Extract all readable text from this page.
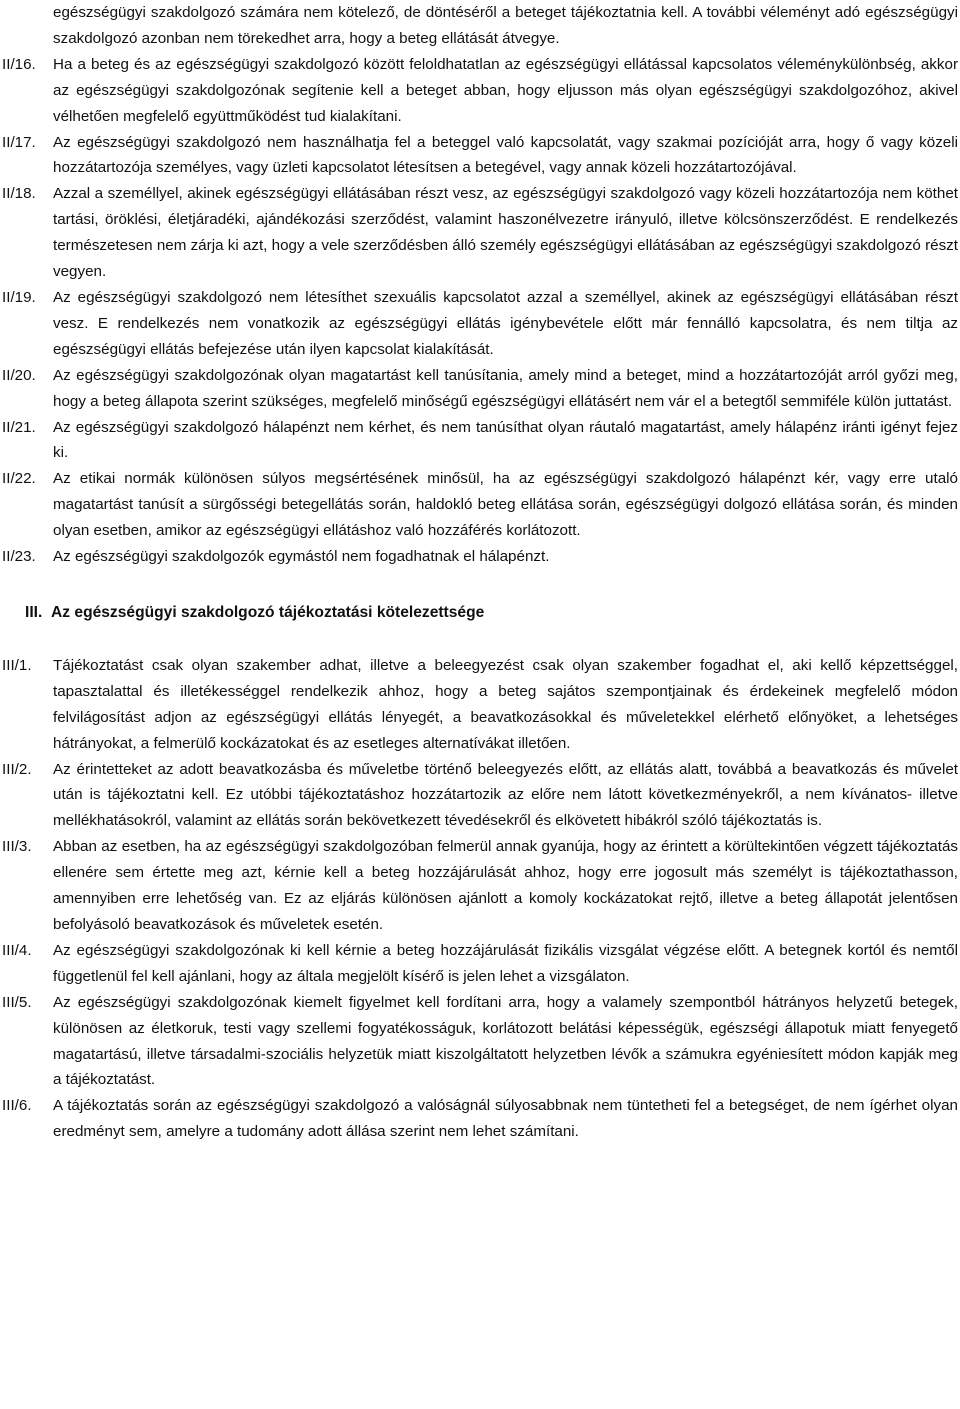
egészségügyi szakdolgozó számára nem kötelező, de döntéséről a beteget tájékoztatnia kell. A további véleményt adó egészségügyi szakdolgozó azonban nem törekedhet arra, hogy a beteg ellátását átvegye.
II/16.	Ha a beteg és az egészségügyi szakdolgozó között feloldhatatlan az egészségügyi ellátással kapcsolatos véleménykülönbség, akkor az egészségügyi szakdolgozónak segítenie kell a beteget abban, hogy eljusson más olyan egészségügyi szakdolgozóhoz, akivel vélhetően megfelelő együttműködést tud kialakítani.
II/17.	Az egészségügyi szakdolgozó nem használhatja fel a beteggel való kapcsolatát, vagy szakmai pozícióját arra, hogy ő vagy közeli hozzátartozója személyes, vagy üzleti kapcsolatot létesítsen a betegével, vagy annak közeli hozzátartozójával.
II/18.	Azzal a személlyel, akinek egészségügyi ellátásában részt vesz, az egészségügyi szakdolgozó vagy közeli hozzátartozója nem köthet tartási, öröklési, életjáradéki, ajándékozási szerződést, valamint haszonélvezetre irányuló, illetve kölcsönszerződést. E rendelkezés természetesen nem zárja ki azt, hogy a vele szerződésben álló személy egészségügyi ellátásában az egészségügyi szakdolgozó részt vegyen.
II/19.	Az egészségügyi szakdolgozó nem létesíthet szexuális kapcsolatot azzal a személlyel, akinek az egészségügyi ellátásában részt vesz. E rendelkezés nem vonatkozik az egészségügyi ellátás igénybevétele előtt már fennálló kapcsolatra, és nem tiltja az egészségügyi ellátás befejezése után ilyen kapcsolat kialakítását.
II/20.	Az egészségügyi szakdolgozónak olyan magatartást kell tanúsítania, amely mind a beteget, mind a hozzátartozóját arról győzi meg, hogy a beteg állapota szerint szükséges, megfelelő minőségű egészségügyi ellátásért nem vár el a betegtől semmiféle külön juttatást.
II/21.	Az egészségügyi szakdolgozó hálapénzt nem kérhet, és nem tanúsíthat olyan ráutaló magatartást, amely hálapénz iránti igényt fejez ki.
II/22.	Az etikai normák különösen súlyos megsértésének minősül, ha az egészségügyi szakdolgozó hálapénzt kér, vagy erre utaló magatartást tanúsít a sürgősségi betegellátás során, haldokló beteg ellátása során, egészségügyi dolgozó ellátása során, és minden olyan esetben, amikor az egészségügyi ellátáshoz való hozzáférés korlátozott.
II/23.	Az egészségügyi szakdolgozók egymástól nem fogadhatnak el hálapénzt.
III. Az egészségügyi szakdolgozó tájékoztatási kötelezettsége
III/1.	Tájékoztatást csak olyan szakember adhat, illetve a beleegyezést csak olyan szakember fogadhat el, aki kellő képzettséggel, tapasztalattal és illetékességgel rendelkezik ahhoz, hogy a beteg sajátos szempontjainak és érdekeinek megfelelő módon felvilágosítást adjon az egészségügyi ellátás lényegét, a beavatkozásokkal és műveletekkel elérhető előnyöket, a lehetséges hátrányokat, a felmerülő kockázatokat és az esetleges alternatívákat illetően.
III/2.	Az érintetteket az adott beavatkozásba és műveletbe történő beleegyezés előtt, az ellátás alatt, továbbá a beavatkozás és művelet után is tájékoztatni kell. Ez utóbbi tájékoztatáshoz hozzátartozik az előre nem látott következményekről, a nem kívánatos- illetve mellékhatásokról, valamint az ellátás során bekövetkezett tévedésekről és elkövetett hibákról szóló tájékoztatás is.
III/3.	Abban az esetben, ha az egészségügyi szakdolgozóban felmerül annak gyanúja, hogy az érintett a körültekintően végzett tájékoztatás ellenére sem értette meg azt, kérnie kell a beteg hozzájárulását ahhoz, hogy erre jogosult más személyt is tájékoztathasson, amennyiben erre lehetőség van. Ez az eljárás különösen ajánlott a komoly kockázatokat rejtő, illetve a beteg állapotát jelentősen befolyásoló beavatkozások és műveletek esetén.
III/4.	Az egészségügyi szakdolgozónak ki kell kérnie a beteg hozzájárulását fizikális vizsgálat végzése előtt. A betegnek kortól és nemtől függetlenül fel kell ajánlani, hogy az általa megjelölt kísérő is jelen lehet a vizsgálaton.
III/5.	Az egészségügyi szakdolgozónak kiemelt figyelmet kell fordítani arra, hogy a valamely szempontból hátrányos helyzetű betegek, különösen az életkoruk, testi vagy szellemi fogyatékosságuk, korlátozott belátási képességük, egészségi állapotuk miatt fenyegető magatartású, illetve társadalmi-szociális helyzetük miatt kiszolgáltatott helyzetben lévők a számukra egyéniesített módon kapják meg a tájékoztatást.
III/6.	A tájékoztatás során az egészségügyi szakdolgozó a valóságnál súlyosabbnak nem tüntetheti fel a betegséget, de nem ígérhet olyan eredményt sem, amelyre a tudomány adott állása szerint nem lehet számítani.
